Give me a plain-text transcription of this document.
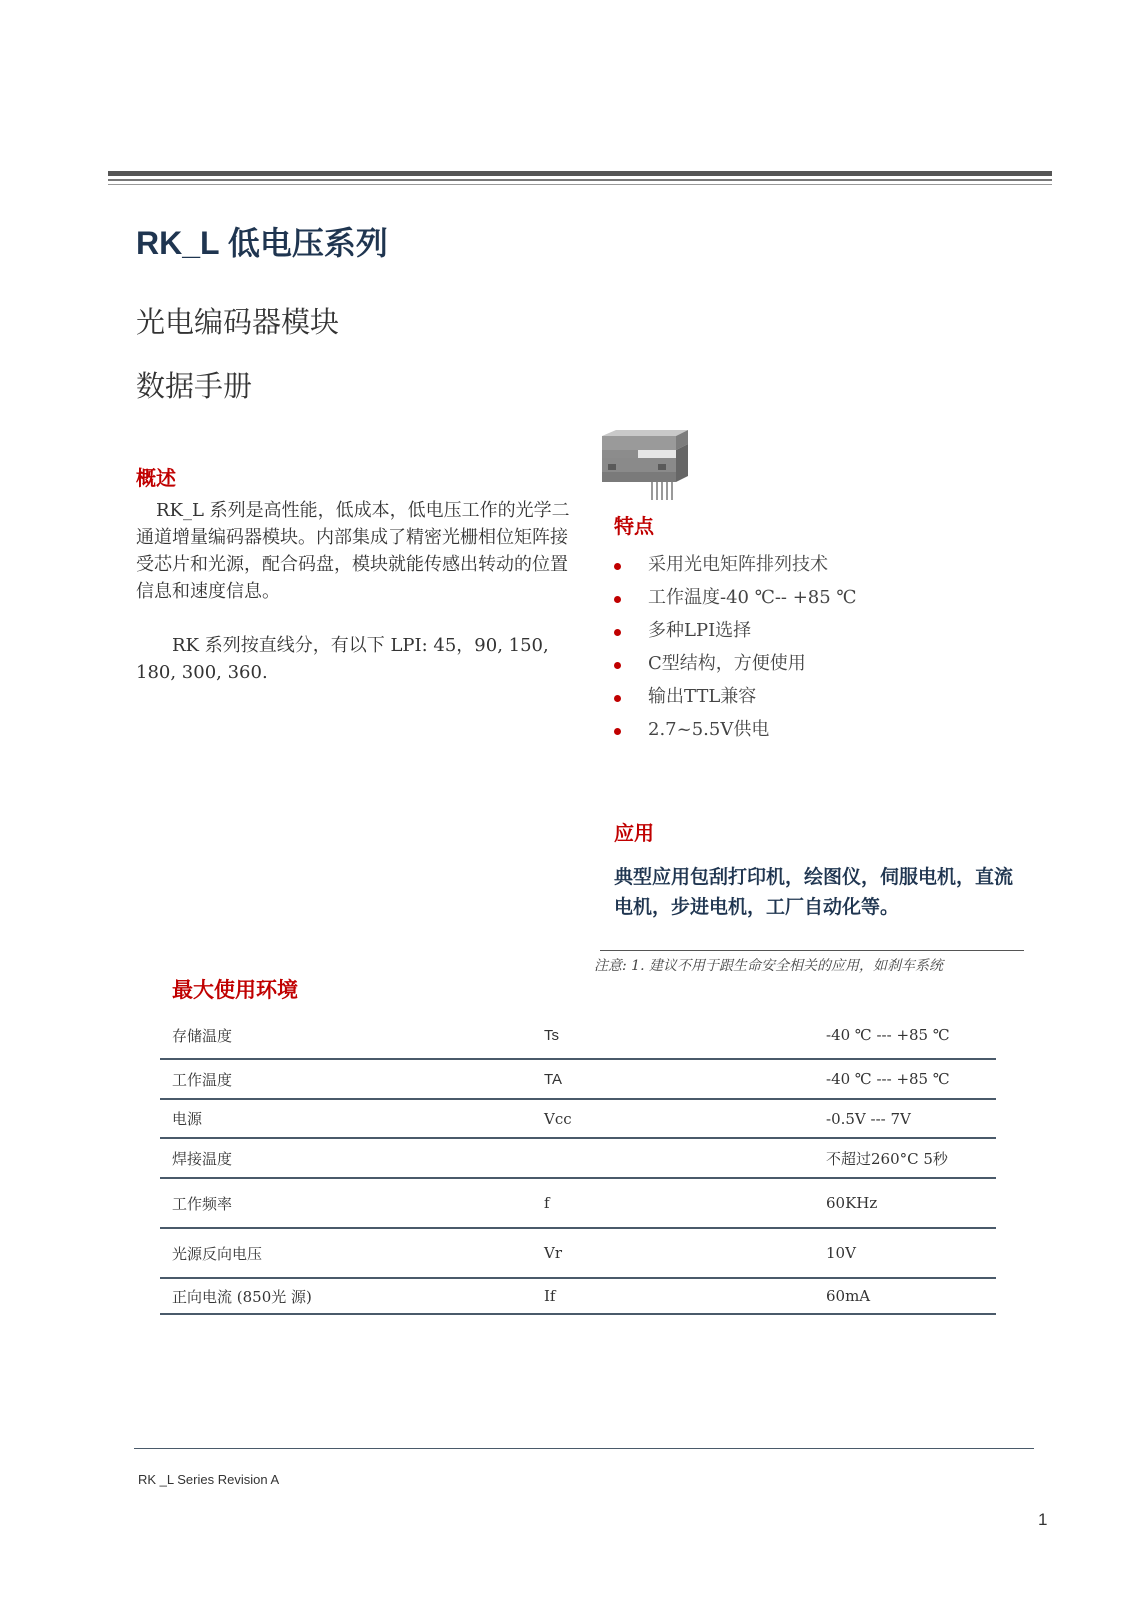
RK_L 低电压系列
光电编码器模块
数据手册
概述

RK_L 系列是高性能，低成本，低电压工作的光学二通道增量编码器模块。内部集成了精密光栅相位矩阵接受芯片和光源，配合码盘，模块就能传感出转动的位置信息和速度信息。

RK 系列按直线分，有以下 LPI: 45，90, 150, 180, 300, 360.

特点
采用光电矩阵排列技术
工作温度-40 ℃-- +85 ℃
多种LPI选择
C型结构，方便使用
输出TTL兼容
2.7~5.5V供电
应用
典型应用包刮打印机，绘图仪，伺服电机，直流电机，步进电机，工厂自动化等。
注意: 1. 建议不用于跟生命安全相关的应用，如刹车系统
最大使用环境
存储温度	Ts	-40 ℃ --- +85 ℃
工作温度	TA	-40 ℃ --- +85 ℃
电源	Vcc	-0.5V --- 7V
焊接温度		不超过260°C 5秒
工作频率	f	60KHz
光源反向电压	Vr	10V
正向电流 (850光 源)	If	60mA
RK _L Series Revision A
1
